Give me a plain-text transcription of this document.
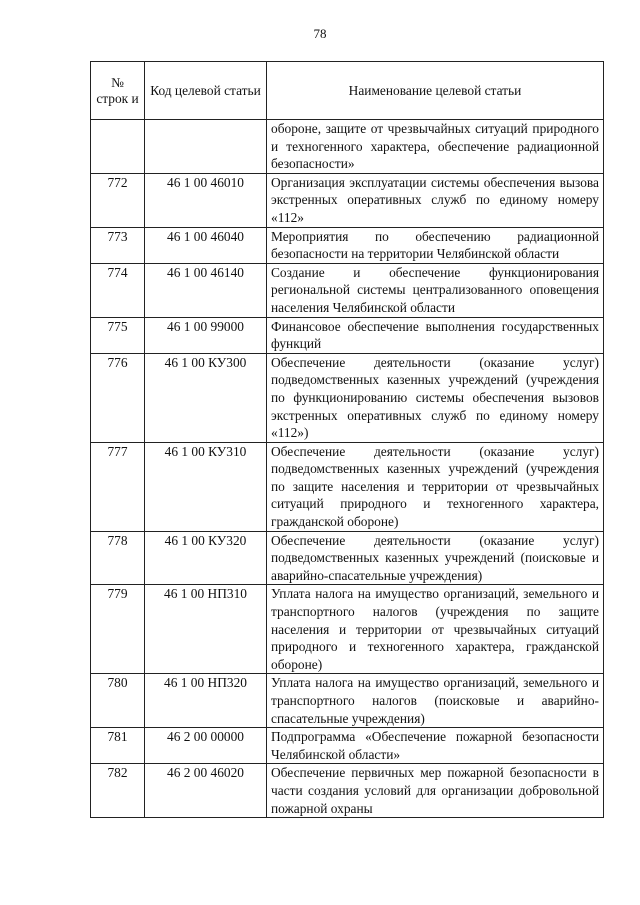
78
№ строк и	Код целевой статьи	Наименование целевой статьи
		обороне, защите от чрезвычайных ситуаций природного и техногенного характера, обеспечение радиационной безопасности»
772	46 1 00 46010	Организация эксплуатации системы обеспечения вызова экстренных оперативных служб по единому номеру «112»
773	46 1 00 46040	Мероприятия по обеспечению радиационной безопасности на территории Челябинской области
774	46 1 00 46140	Создание и обеспечение функционирования региональной системы централизованного оповещения населения Челябинской области
775	46 1 00 99000	Финансовое обеспечение выполнения государственных функций
776	46 1 00 КУ300	Обеспечение деятельности (оказание услуг) подведомственных казенных учреждений (учреждения по функционированию системы обеспечения вызовов экстренных оперативных служб по единому номеру «112»)
777	46 1 00 КУ310	Обеспечение деятельности (оказание услуг) подведомственных казенных учреждений (учреждения по защите населения и территории от чрезвычайных ситуаций природного и техногенного характера, гражданской обороне)
778	46 1 00 КУ320	Обеспечение деятельности (оказание услуг) подведомственных казенных учреждений (поисковые и аварийно-спасательные учреждения)
779	46 1 00 НП310	Уплата налога на имущество организаций, земельного и транспортного налогов (учреждения по защите населения и территории от чрезвычайных ситуаций природного и техногенного характера, гражданской обороне)
780	46 1 00 НП320	Уплата налога на имущество организаций, земельного и транспортного налогов (поисковые и аварийно-спасательные учреждения)
781	46 2 00 00000	Подпрограмма «Обеспечение пожарной безопасности Челябинской области»
782	46 2 00 46020	Обеспечение первичных мер пожарной безопасности в части создания условий для организации добровольной пожарной охраны
